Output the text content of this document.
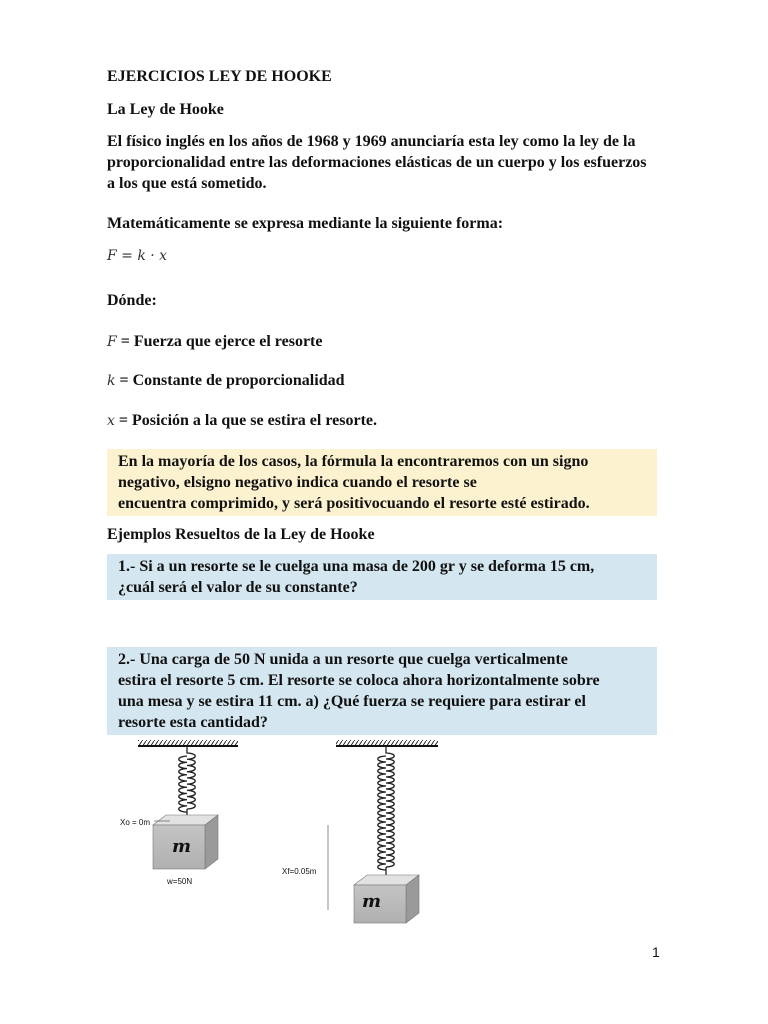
EJERCICIOS LEY DE HOOKE
La Ley de Hooke
El físico inglés en los años de 1968 y 1969 anunciaría esta ley como la ley de la proporcionalidad entre las deformaciones elásticas de un cuerpo y los esfuerzos a los que está sometido.
Matemáticamente se expresa mediante la siguiente forma:
F = k · x
Dónde:
F = Fuerza que ejerce el resorte
k = Constante de proporcionalidad
x = Posición a la que se estira el resorte.
En la mayoría de los casos, la fórmula la encontraremos con un signo
negativo, elsigno negativo indica cuando el resorte se
encuentra comprimido, y será positivocuando el resorte esté estirado.
Ejemplos Resueltos de la Ley de Hooke
1.- Si a un resorte se le cuelga una masa de 200 gr y se deforma 15 cm,
¿cuál será el valor de su constante?
2.- Una carga de 50 N unida a un resorte que cuelga verticalmente
estira el resorte 5 cm. El resorte se coloca ahora horizontalmente sobre
una mesa y se estira 11 cm. a) ¿Qué fuerza se requiere para estirar el
resorte esta cantidad?
m
Xo = 0m
w=50N
m
Xf=0.05m
1
